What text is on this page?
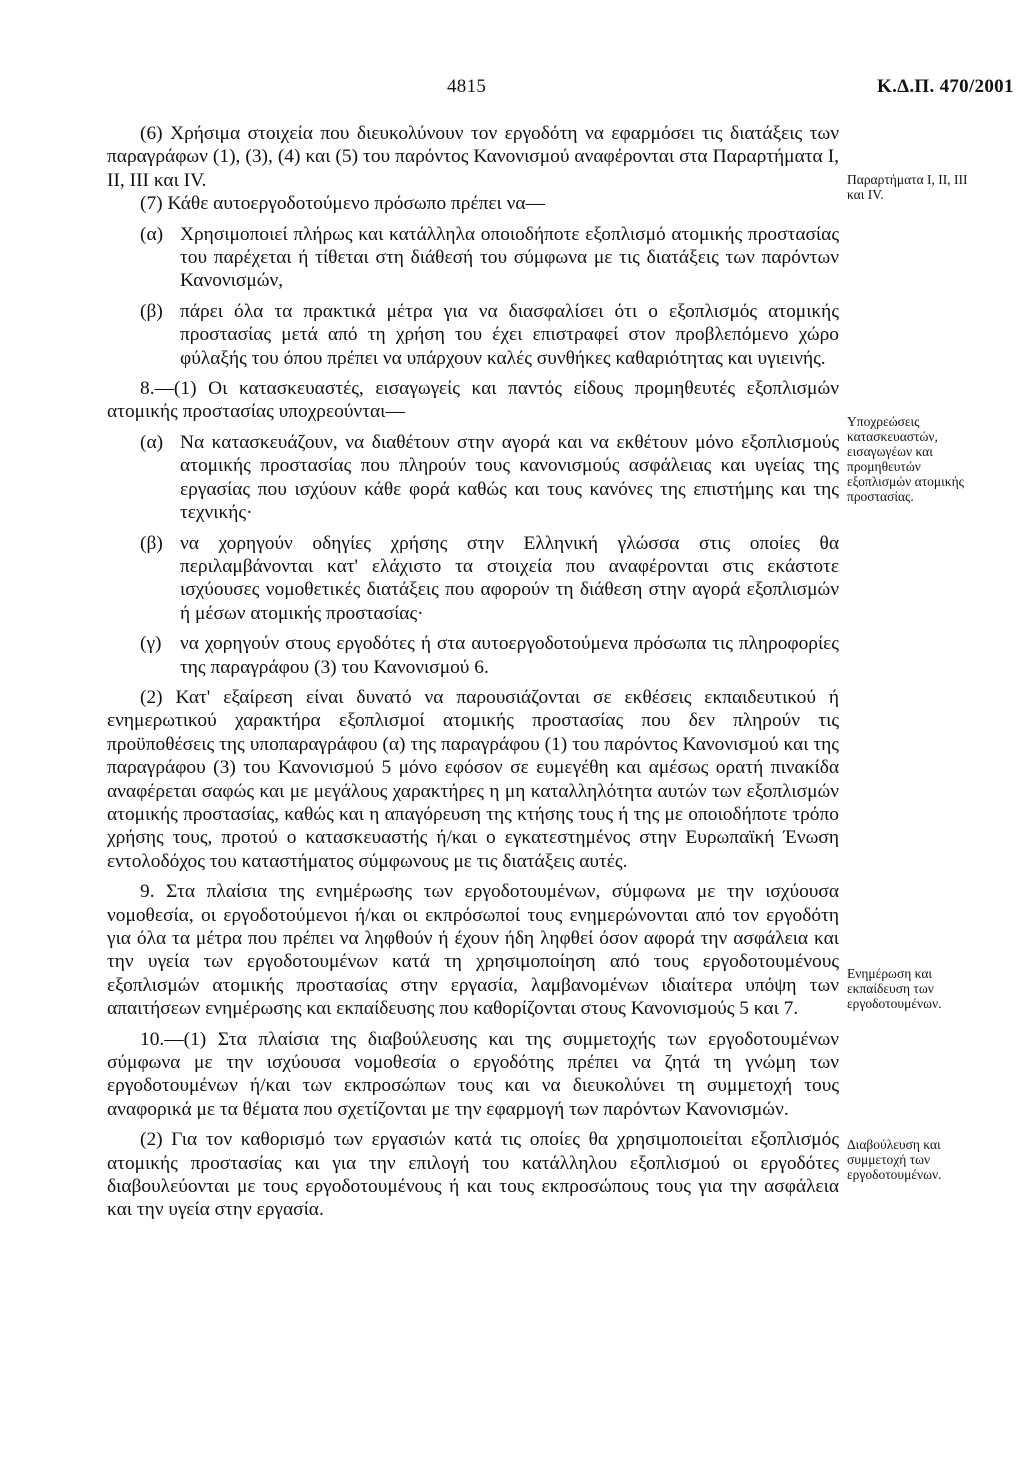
4815	Κ.Δ.Π. 470/2001

(6) Χρήσιμα στοιχεία που διευκολύνουν τον εργοδότη να εφαρμόσει τις διατάξεις των παραγράφων (1), (3), (4) και (5) του παρόντος Κανονισμού αναφέρονται στα Παραρτήματα Ι, ΙΙ, ΙΙΙ και IV.

(7) Κάθε αυτοεργοδοτούμενο πρόσωπο πρέπει να—

(α) Χρησιμοποιεί πλήρως και κατάλληλα οποιοδήποτε εξοπλισμό ατομικής προστασίας του παρέχεται ή τίθεται στη διάθεσή του σύμφωνα με τις διατάξεις των παρόντων Κανονισμών,
(β) πάρει όλα τα πρακτικά μέτρα για να διασφαλίσει ότι ο εξοπλισμός ατομικής προστασίας μετά από τη χρήση του έχει επιστραφεί στον προβλεπόμενο χώρο φύλαξής του όπου πρέπει να υπάρχουν καλές συνθήκες καθαριότητας και υγιεινής.

8.—(1) Οι κατασκευαστές, εισαγωγείς και παντός είδους προμηθευτές εξοπλισμών ατομικής προστασίας υποχρεούνται—

(α) Να κατασκευάζουν, να διαθέτουν στην αγορά και να εκθέτουν μόνο εξοπλισμούς ατομικής προστασίας που πληρούν τους κανονισμούς ασφάλειας και υγείας της εργασίας που ισχύουν κάθε φορά καθώς και τους κανόνες της επιστήμης και της τεχνικής·
(β) να χορηγούν οδηγίες χρήσης στην Ελληνική γλώσσα στις οποίες θα περιλαμβάνονται κατ' ελάχιστο τα στοιχεία που αναφέρονται στις εκάστοτε ισχύουσες νομοθετικές διατάξεις που αφορούν τη διάθεση στην αγορά εξοπλισμών ή μέσων ατομικής προστασίας·
(γ) να χορηγούν στους εργοδότες ή στα αυτοεργοδοτούμενα πρόσωπα τις πληροφορίες της παραγράφου (3) του Κανονισμού 6.

(2) Κατ' εξαίρεση είναι δυνατό να παρουσιάζονται σε εκθέσεις εκπαιδευτικού ή ενημερωτικού χαρακτήρα εξοπλισμοί ατομικής προστασίας που δεν πληρούν τις προϋποθέσεις της υποπαραγράφου (α) της παραγράφου (1) του παρόντος Κανονισμού και της παραγράφου (3) του Κανονισμού 5 μόνο εφόσον σε ευμεγέθη και αμέσως ορατή πινακίδα αναφέρεται σαφώς και με μεγάλους χαρακτήρες η μη καταλληλότητα αυτών των εξοπλισμών ατομικής προστασίας, καθώς και η απαγόρευση της κτήσης τους ή της με οποιοδήποτε τρόπο χρήσης τους, προτού ο κατασκευαστής ή/και ο εγκατεστημένος στην Ευρωπαϊκή Ένωση εντολοδόχος του καταστήματος σύμφωνους με τις διατάξεις αυτές.

9. Στα πλαίσια της ενημέρωσης των εργοδοτουμένων, σύμφωνα με την ισχύουσα νομοθεσία, οι εργοδοτούμενοι ή/και οι εκπρόσωποί τους ενημερώνονται από τον εργοδότη για όλα τα μέτρα που πρέπει να ληφθούν ή έχουν ήδη ληφθεί όσον αφορά την ασφάλεια και την υγεία των εργοδοτουμένων κατά τη χρησιμοποίηση από τους εργοδοτουμένους εξοπλισμών ατομικής προστασίας στην εργασία, λαμβανομένων ιδιαίτερα υπόψη των απαιτήσεων ενημέρωσης και εκπαίδευσης που καθορίζονται στους Κανονισμούς 5 και 7.

10.—(1) Στα πλαίσια της διαβούλευσης και της συμμετοχής των εργοδοτουμένων σύμφωνα με την ισχύουσα νομοθεσία ο εργοδότης πρέπει να ζητά τη γνώμη των εργοδοτουμένων ή/και των εκπροσώπων τους και να διευκολύνει τη συμμετοχή τους αναφορικά με τα θέματα που σχετίζονται με την εφαρμογή των παρόντων Κανονισμών.

(2) Για τον καθορισμό των εργασιών κατά τις οποίες θα χρησιμοποιείται εξοπλισμός ατομικής προστασίας και για την επιλογή του κατάλληλου εξοπλισμού οι εργοδότες διαβουλεύονται με τους εργοδοτουμένους ή και τους εκπροσώπους τους για την ασφάλεια και την υγεία στην εργασία.

Παραρτήματα Ι, ΙΙ, ΙΙΙ και IV.
Υποχρεώσεις κατασκευαστών, εισαγωγέων και προμηθευτών εξοπλισμών ατομικής προστασίας.
Ενημέρωση και εκπαίδευση των εργοδοτουμένων.
Διαβούλευση και συμμετοχή των εργοδοτουμένων.
